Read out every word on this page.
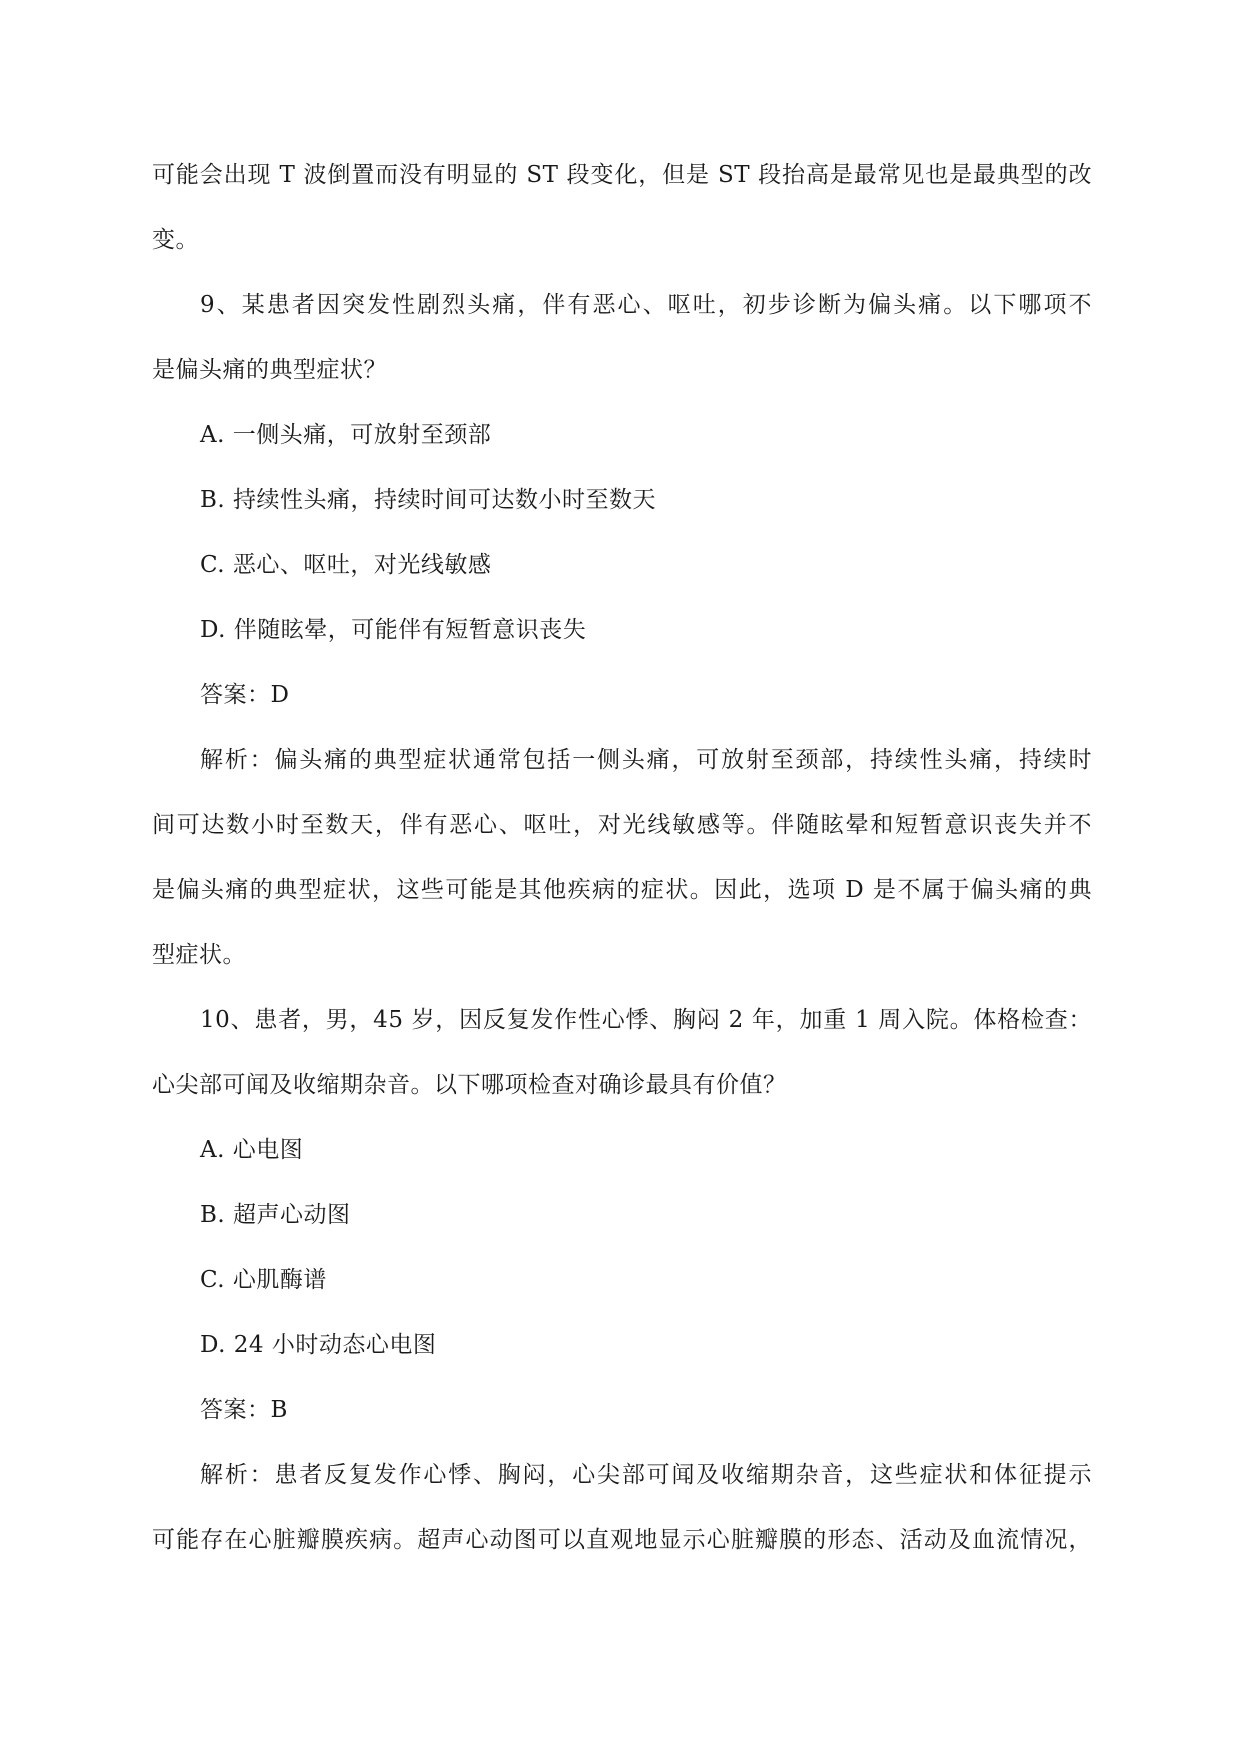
可能会出现 T 波倒置而没有明显的 ST 段变化，但是 ST 段抬高是最常见也是最典型的改
变。
9、某患者因突发性剧烈头痛，伴有恶心、呕吐，初步诊断为偏头痛。以下哪项不
是偏头痛的典型症状？
A. 一侧头痛，可放射至颈部
B. 持续性头痛，持续时间可达数小时至数天
C. 恶心、呕吐，对光线敏感
D. 伴随眩晕，可能伴有短暂意识丧失
答案：D
解析：偏头痛的典型症状通常包括一侧头痛，可放射至颈部，持续性头痛，持续时
间可达数小时至数天，伴有恶心、呕吐，对光线敏感等。伴随眩晕和短暂意识丧失并不
是偏头痛的典型症状，这些可能是其他疾病的症状。因此，选项 D 是不属于偏头痛的典
型症状。
10、患者，男，45 岁，因反复发作性心悸、胸闷 2 年，加重 1 周入院。体格检查：
心尖部可闻及收缩期杂音。以下哪项检查对确诊最具有价值？
A. 心电图
B. 超声心动图
C. 心肌酶谱
D. 24 小时动态心电图
答案：B
解析：患者反复发作心悸、胸闷，心尖部可闻及收缩期杂音，这些症状和体征提示
可能存在心脏瓣膜疾病。超声心动图可以直观地显示心脏瓣膜的形态、活动及血流情况，
